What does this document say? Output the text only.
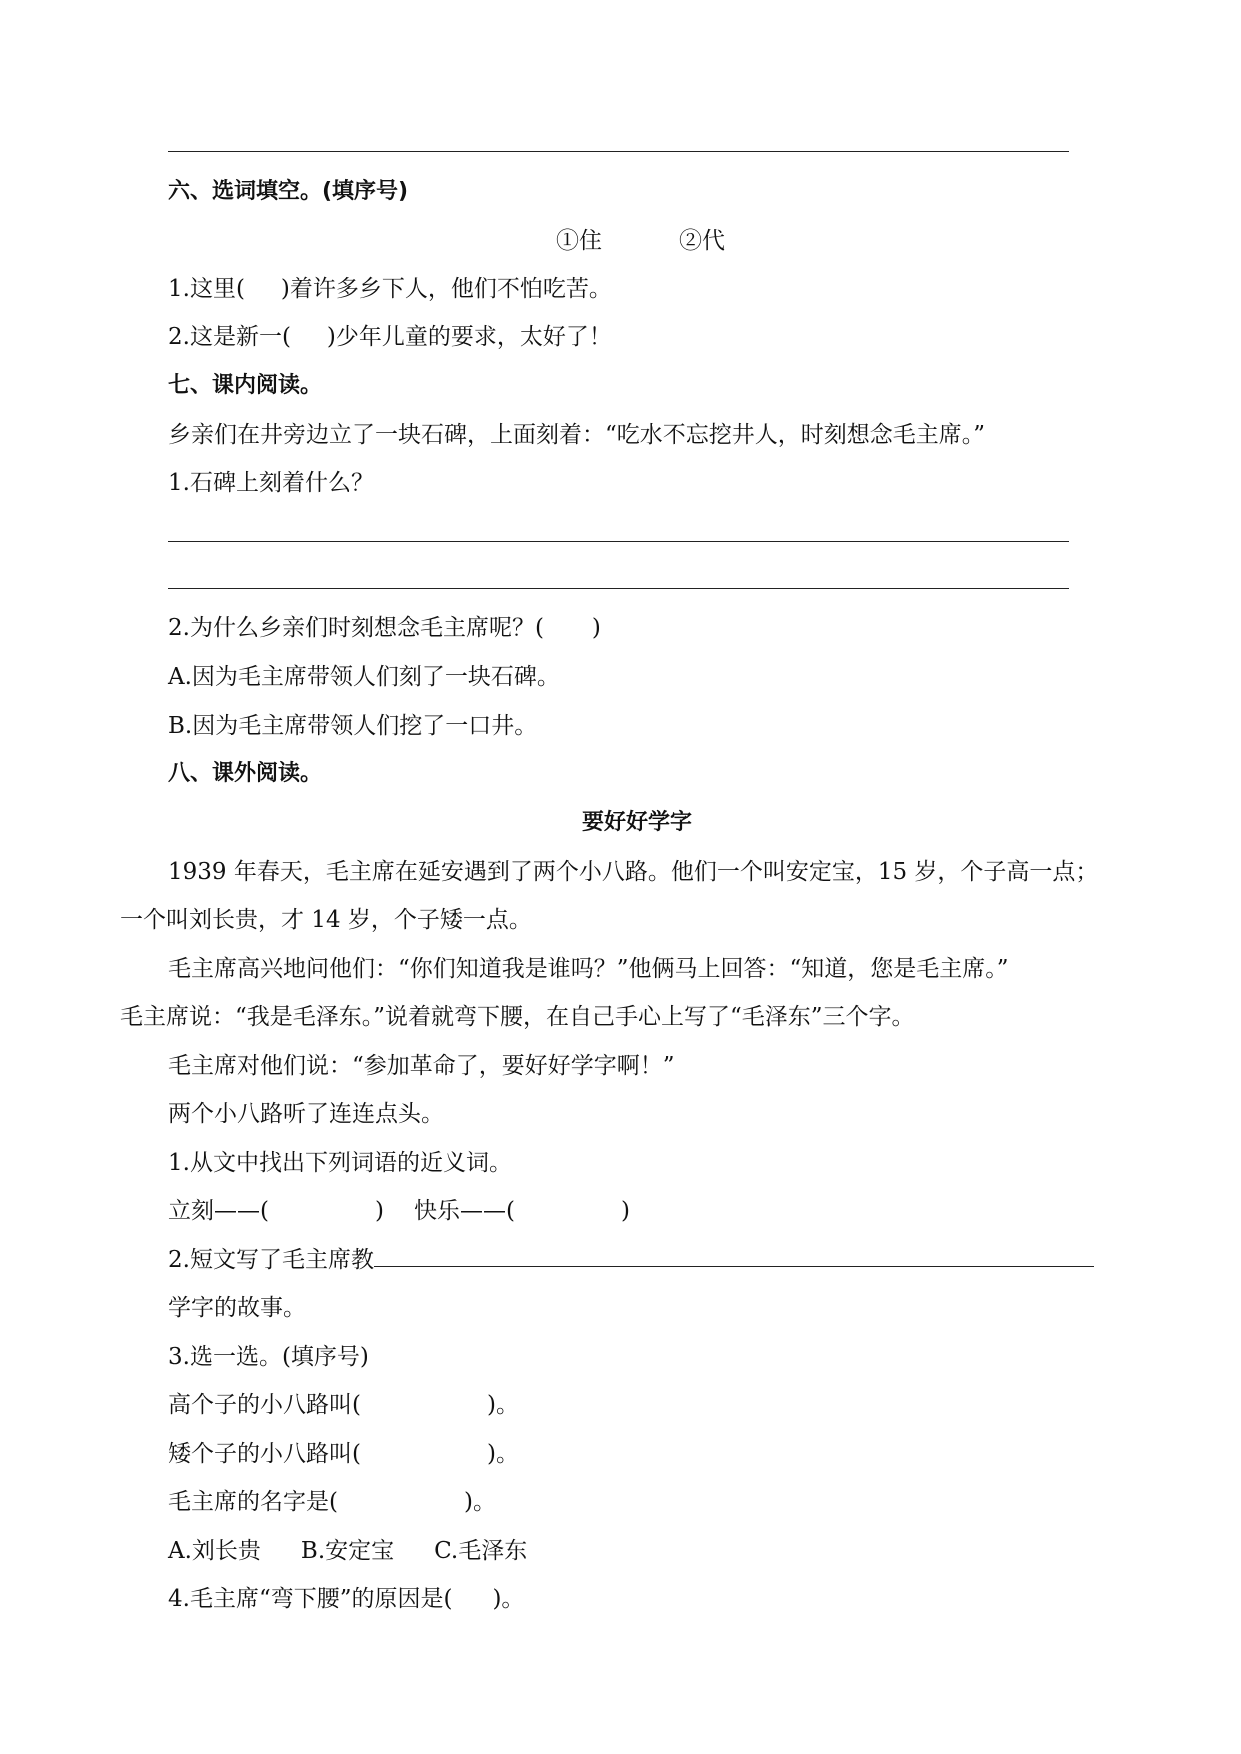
六、选词填空。(填序号)
①住	②代
1.这里( )着许多乡下人，他们不怕吃苦。
2.这是新一( )少年儿童的要求，太好了！
七、课内阅读。
乡亲们在井旁边立了一块石碑，上面刻着：“吃水不忘挖井人，时刻想念毛主席。”
1.石碑上刻着什么？
2.为什么乡亲们时刻想念毛主席呢？( )
A.因为毛主席带领人们刻了一块石碑。
B.因为毛主席带领人们挖了一口井。
八、课外阅读。
要好好学字
1939 年春天，毛主席在延安遇到了两个小八路。他们一个叫安定宝，15 岁，个子高一点；
一个叫刘长贵，才 14 岁，个子矮一点。
毛主席高兴地问他们：“你们知道我是谁吗？”他俩马上回答：“知道，您是毛主席。”
毛主席说：“我是毛泽东。”说着就弯下腰，在自己手心上写了“毛泽东”三个字。
毛主席对他们说：“参加革命了，要好好学字啊！”
两个小八路听了连连点头。
1.从文中找出下列词语的近义词。
立刻——(	) 快乐——(	)
2.短文写了毛主席教
学字的故事。
3.选一选。(填序号)
高个子的小八路叫(	)。
矮个子的小八路叫(	)。
毛主席的名字是(	)。
A.刘长贵 B.安定宝 C.毛泽东
4.毛主席“弯下腰”的原因是( )。
